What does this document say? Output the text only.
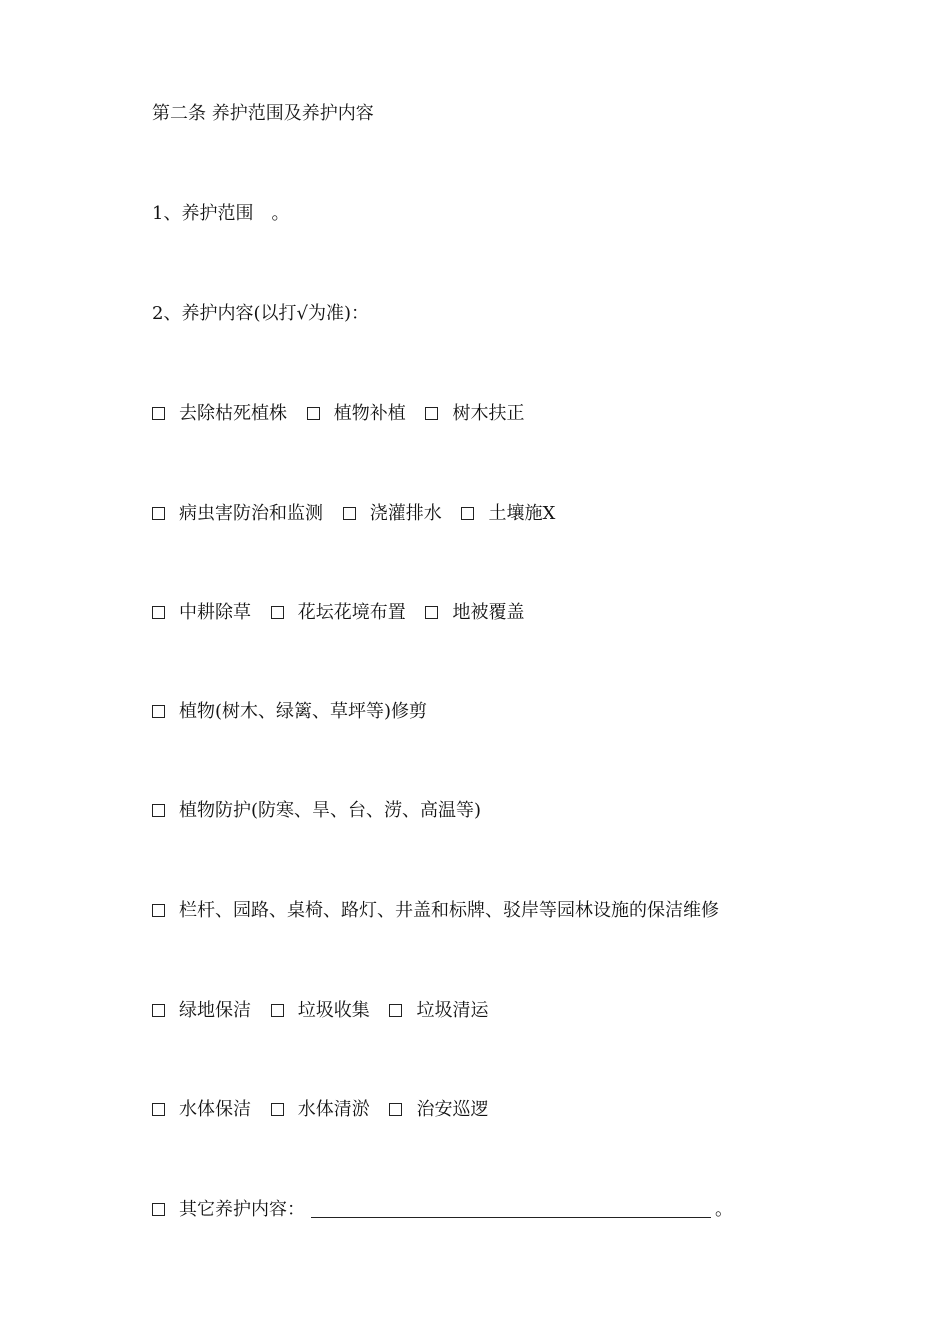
第二条 养护范围及养护内容
1、养护范围 。
2、养护内容(以打√为准)：
去除枯死植株	植物补植	树木扶正
病虫害防治和监测	浇灌排水	土壤施X
中耕除草	花坛花境布置	地被覆盖
植物(树木、绿篱、草坪等)修剪
植物防护(防寒、旱、台、涝、高温等)
栏杆、园路、桌椅、路灯、井盖和标牌、驳岸等园林设施的保洁维修
绿地保洁	垃圾收集	垃圾清运
水体保洁	水体清淤	治安巡逻
其它养护内容：	。
